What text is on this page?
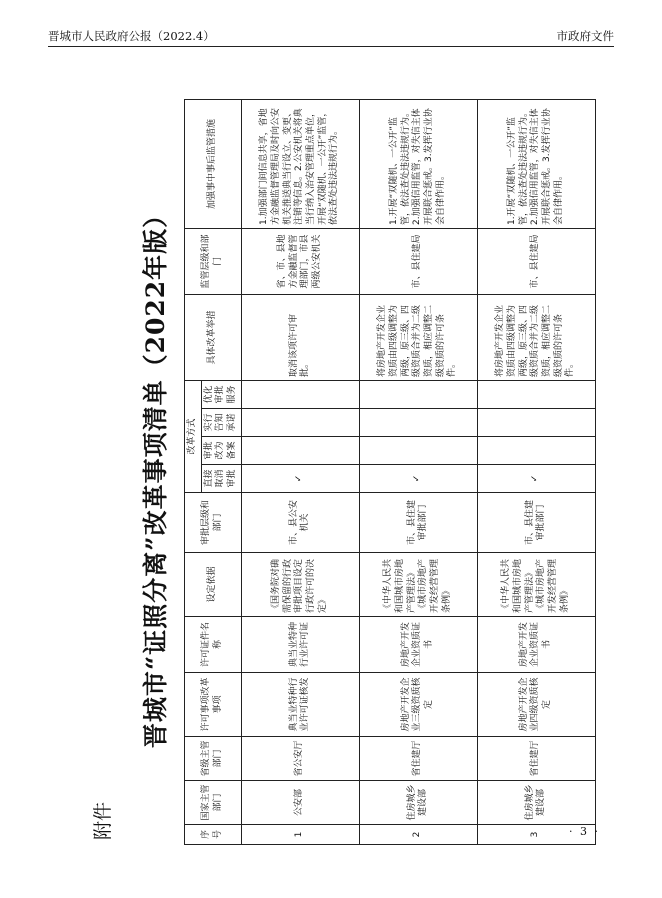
晋城市人民政府公报（2022.4）	市政府文件
附件
晋城市“证照分离”改革事项清单（2022年版）
序号	国家主管部门	省级主管部门	许可事项改革事项	许可证件名称	设定依据	审批层级和部门	改革方式				具体改革举措	监管层级和部门	加强事中事后监管措施
							直接取消审批	审批改为备案	实行告知承诺	优化审批服务			
1	公安部	省公安厅	典当业特种行业许可证核发	典当业特种行业许可证	《国务院对确需保留的行政审批项目设定行政许可的决定》	市、县公安机关	✓				取消该项许可审批。	省、市、县地方金融监督管理部门，市县两级公安机关	1.加强部门间信息共享，省地方金融监督管理局及时向公安机关推送典当行设立、变更、注销等信息。2.公安机关将典当行纳入治安管理重点单位，开展“双随机、一公开”监管，依法查处违法违规行为。
2	住房城乡建设部	省住建厅	房地产开发企业三级资质核定	房地产开发企业资质证书	《中华人民共和国城市房地产管理法》《城市房地产开发经营管理条例》	市、县住建审批部门	✓				将房地产开发企业资质由四级调整为两级，原三级、四级资质合并为二级资质，相应调整二级资质的许可条件。	市、县住建局	1.开展“双随机、一公开”监管，依法查处违法违规行为。2.加强信用监管，对失信主体开展联合惩戒。3.发挥行业协会自律作用。
3	住房城乡建设部	省住建厅	房地产开发企业四级资质核定	房地产开发企业资质证书	《中华人民共和国城市房地产管理法》《城市房地产开发经营管理条例》	市、县住建审批部门	✓				将房地产开发企业资质由四级调整为两级，原三级、四级资质合并为二级资质，相应调整二级资质的许可条件。	市、县住建局	1.开展“双随机、一公开”监管，依法查处违法违规行为。2.加强信用监管，对失信主体开展联合惩戒。3.发挥行业协会自律作用。
· 3 ·
